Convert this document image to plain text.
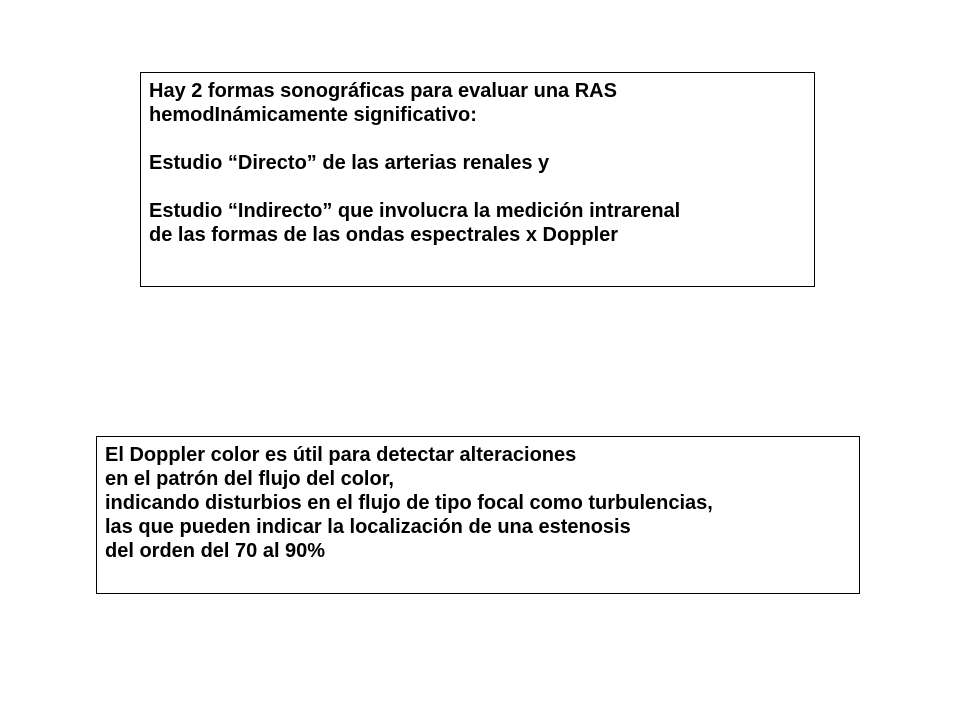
Hay 2 formas sonográficas para evaluar una RAS
hemodInámicamente significativo:
Estudio “Directo” de las arterias renales y
Estudio “Indirecto” que involucra la medición intrarenal
de las formas de las ondas espectrales x Doppler
El Doppler color es útil para detectar alteraciones
en el patrón del flujo del color,
indicando disturbios en el flujo de tipo focal como turbulencias,
las que pueden indicar la localización de una estenosis
del orden del 70 al 90%
